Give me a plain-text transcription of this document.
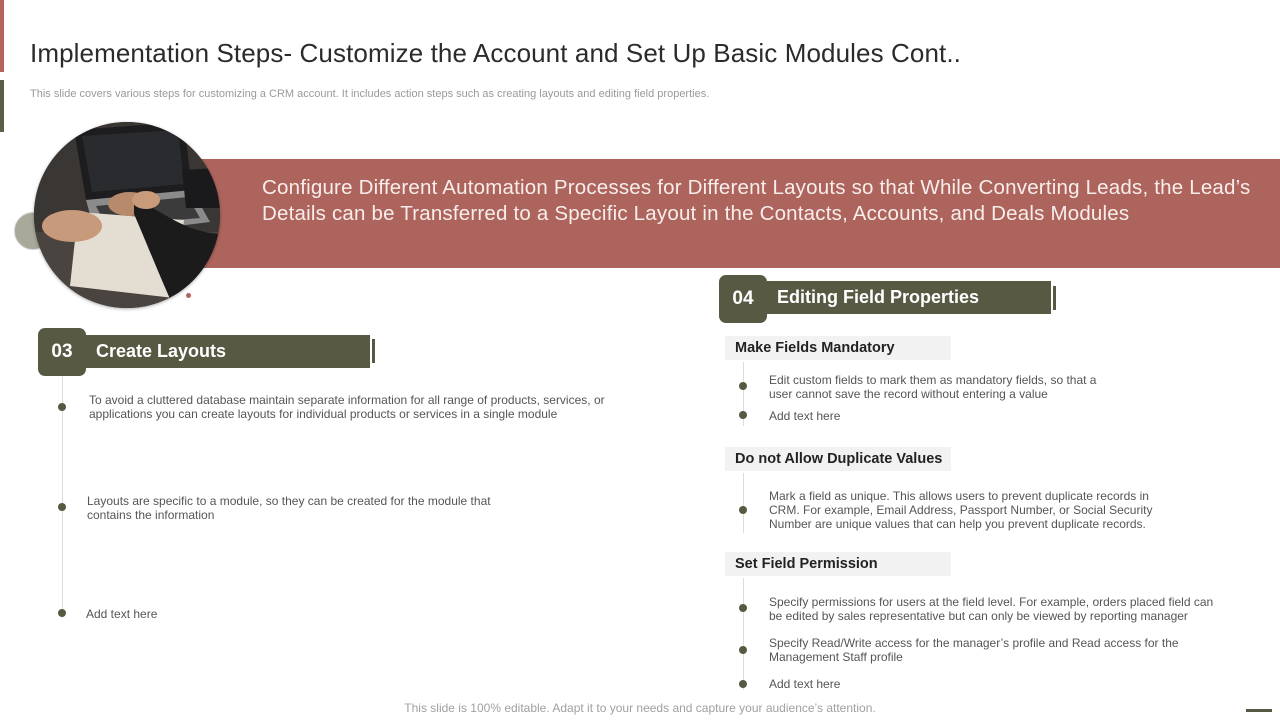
Implementation Steps- Customize the Account and Set Up Basic Modules Cont..
This slide covers various steps for customizing a CRM account. It includes action steps such as creating layouts and editing field properties.
Configure Different Automation Processes for Different Layouts so that While Converting Leads, the Lead’s Details can be Transferred to a Specific Layout in the Contacts, Accounts, and Deals Modules
Create Layouts
03
To avoid a cluttered database maintain separate information for all range of products, services, or applications you can create layouts for individual products or services in a single module
Layouts are specific to a module, so they can be created for the module that contains the information
Add text here
Editing Field Properties
04
Make Fields Mandatory
Edit custom fields to mark them as mandatory fields, so that a user cannot save the record without entering a value
Add text here
Do not Allow Duplicate Values
Mark a field as unique. This allows users to prevent duplicate records in CRM. For example, Email Address, Passport Number, or Social Security Number are unique values that can help you prevent duplicate records.
Set Field Permission
Specify permissions for users at the field level. For example, orders placed field can be edited by sales representative but can only be viewed by reporting manager
Specify Read/Write access for the manager’s profile and Read access for the Management Staff profile
Add text here
This slide is 100% editable. Adapt it to your needs and capture your audience’s attention.
